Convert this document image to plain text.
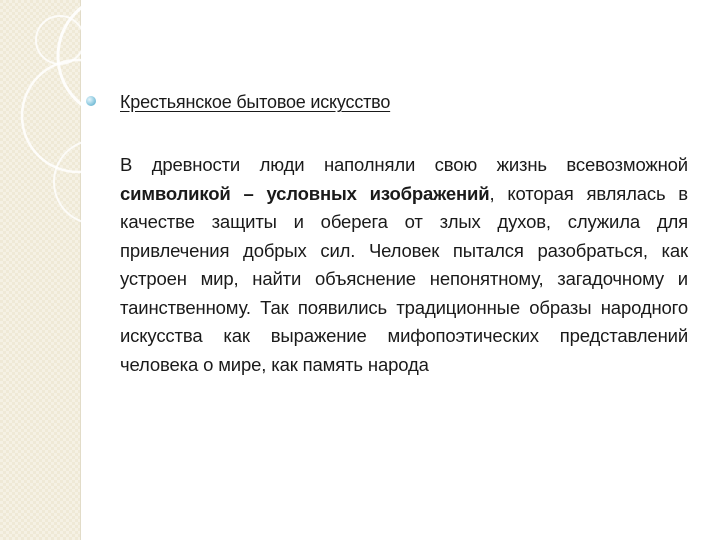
Крестьянское бытовое искусство

В древности люди наполняли свою жизнь всевозможной символикой – условных изображений, которая являлась в качестве защиты и оберега от злых духов, служила для привлечения добрых сил. Человек пытался разобраться, как устроен мир, найти объяснение непонятному, загадочному и таинственному. Так появились традиционные образы народного искусства как выражение мифопоэтических представлений человека о мире, как память народа
